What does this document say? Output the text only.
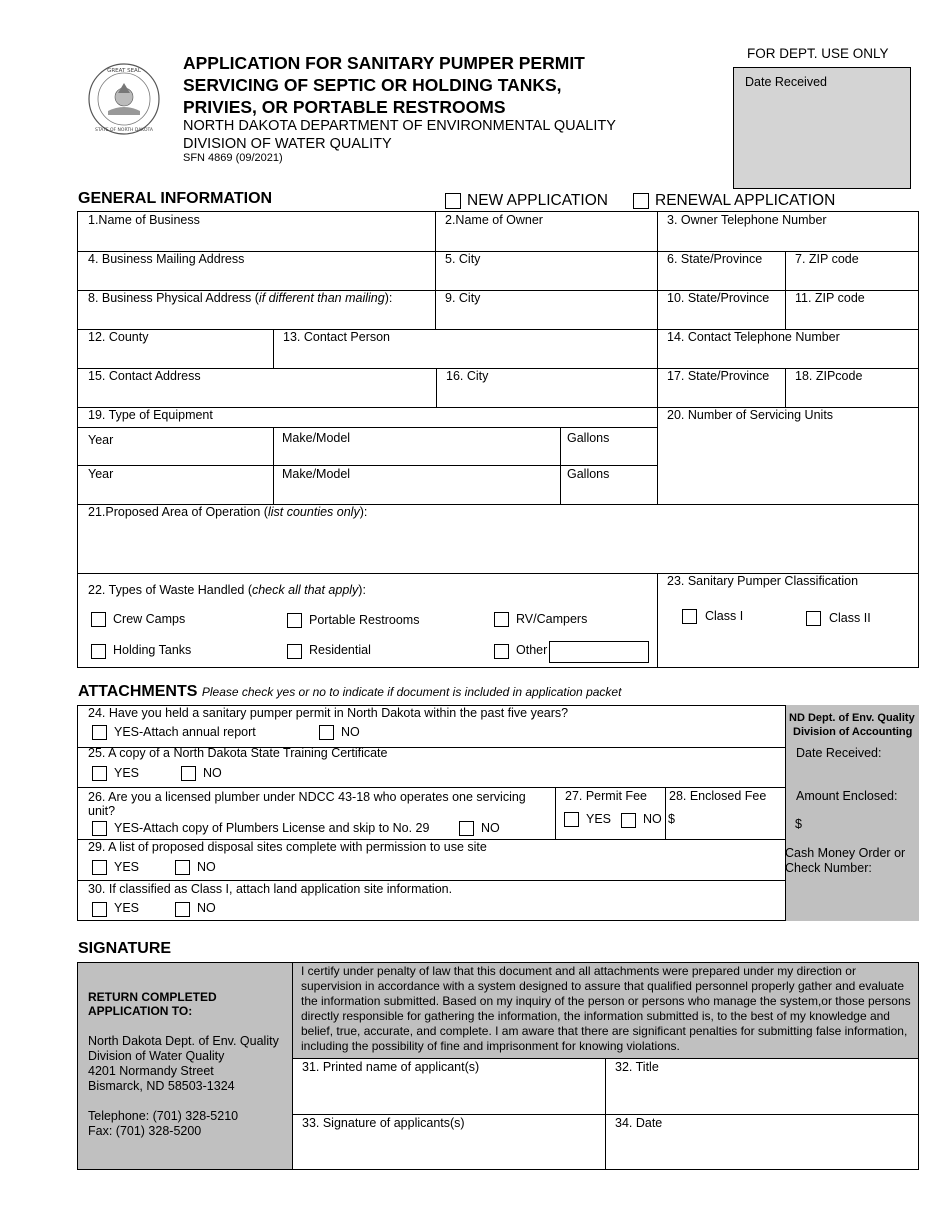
GREAT SEAL
STATE OF NORTH DAKOTA
APPLICATION FOR SANITARY PUMPER PERMIT
SERVICING OF SEPTIC OR HOLDING TANKS,
PRIVIES, OR PORTABLE RESTROOMS
NORTH DAKOTA DEPARTMENT OF ENVIRONMENTAL QUALITY
DIVISION OF WATER QUALITY
SFN 4869 (09/2021)
FOR DEPT. USE ONLY
Date Received
GENERAL INFORMATION	NEW APPLICATION	RENEWAL APPLICATION
1.Name of Business	2.Name of Owner	3. Owner Telephone Number
4. Business Mailing Address	5. City	6. State/Province	7. ZIP code
8. Business Physical Address (if different than mailing):	9. City	10. State/Province 11. ZIP code
12. County	13. Contact Person	14. Contact Telephone Number
15. Contact Address	16. City	17. State/Province 18. ZIPcode
19. Type of Equipment	20. Number of Servicing Units
Year	Make/Model	Gallons
Year	Make/Model	Gallons
21.Proposed Area of Operation (list counties only):
22. Types of Waste Handled (check all that apply):
23. Sanitary Pumper Classification
Crew Camps	Portable Restrooms	RV/Campers
Holding Tanks	Residential	Other
Class I	Class II
ATTACHMENTS Please check yes or no to indicate if document is included in application packet
24. Have you held a sanitary pumper permit in North Dakota within the past five years?
YES-Attach annual report	NO
25. A copy of a North Dakota State Training Certificate
YES	NO
26. Are you a licensed plumber under NDCC 43-18 who operates one servicing
unit?
YES-Attach copy of Plumbers License and skip to No. 29	NO
27. Permit Fee
YES	NO
28. Enclosed Fee
$
29. A list of proposed disposal sites complete with permission to use site
YES	NO
30. If classified as Class I, attach land application site information.
YES	NO
ND Dept. of Env. Quality
Division of Accounting
Date Received:
Amount Enclosed:
$
Cash Money Order or
Check Number:
SIGNATURE
RETURN COMPLETED
APPLICATION TO:
North Dakota Dept. of Env. Quality
Division of Water Quality
4201 Normandy Street
Bismarck, ND 58503-1324
Telephone: (701) 328-5210
Fax: (701) 328-5200
I certify under penalty of law that this document and all attachments were prepared under my direction or supervision in accordance with a system designed to assure that qualified personnel properly gather and evaluate the information submitted. Based on my inquiry of the person or persons who manage the system,or those persons directly responsible for gathering the information, the information submitted is, to the best of my knowledge and belief, true, accurate, and complete. I am aware that there are significant penalties for submitting false information, including the possibility of fine and imprisonment for knowing violations.
31. Printed name of applicant(s)	32. Title
33. Signature of applicants(s)	34. Date
